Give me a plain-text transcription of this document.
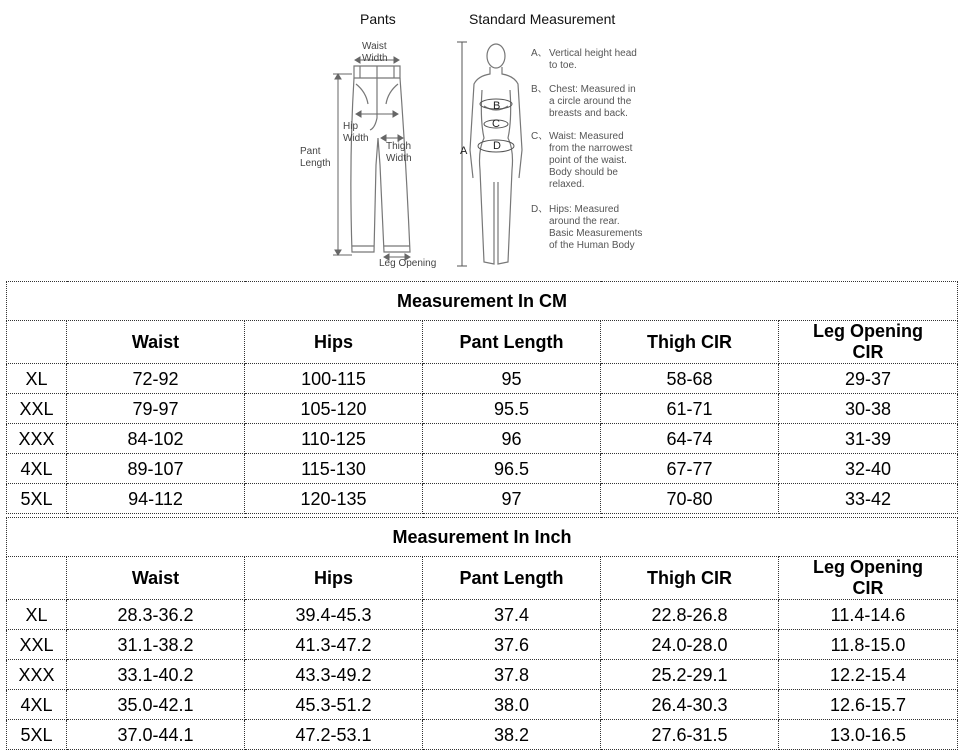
Pants	Standard Measurement
Waist
Width
Hip
Width
Thigh
Width
Pant
Length
Leg Opening
A
B
C
D
A、 Vertical height head
to toe.
B、 Chest: Measured in
a circle around the
breasts and back.
C、 Waist: Measured
from the narrowest
point of the waist.
Body should be
relaxed.
D、 Hips: Measured
around the rear.
Basic Measurements
of the Human Body
Measurement In CM					
	Waist	Hips	Pant Length	Thigh CIR	Leg Opening
CIR
XL	72-92	100-115	95	58-68	29-37
XXL	79-97	105-120	95.5	61-71	30-38
XXX	84-102	110-125	96	64-74	31-39
4XL	89-107	115-130	96.5	67-77	32-40
5XL	94-112	120-135	97	70-80	33-42
Measurement In Inch					
	Waist	Hips	Pant Length	Thigh CIR	Leg Opening
CIR
XL	28.3-36.2	39.4-45.3	37.4	22.8-26.8	11.4-14.6
XXL	31.1-38.2	41.3-47.2	37.6	24.0-28.0	11.8-15.0
XXX	33.1-40.2	43.3-49.2	37.8	25.2-29.1	12.2-15.4
4XL	35.0-42.1	45.3-51.2	38.0	26.4-30.3	12.6-15.7
5XL	37.0-44.1	47.2-53.1	38.2	27.6-31.5	13.0-16.5
